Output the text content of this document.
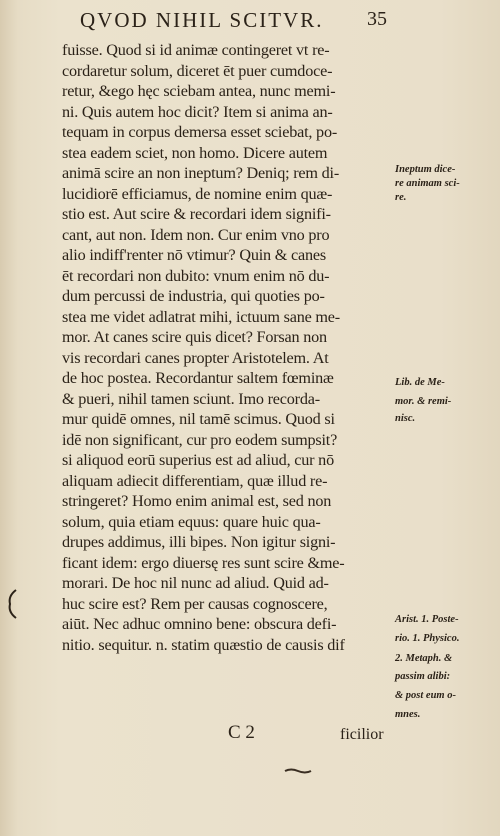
QVOD NIHIL SCITVR. 35
fuisse. Quod si id animæ contingeret vt re-
cordaretur solum, diceret ēt puer cumdoce-
retur, &ego hęc sciebam antea, nunc memi-
ni. Quis autem hoc dicit? Item si anima an-
tequam in corpus demersa esset sciebat, po-
stea eadem sciet, non homo. Dicere autem
animā scire an non ineptum? Deniq; rem di-
lucidiorē efficiamus, de nomine enim quæ-
stio est. Aut scire & recordari idem signifi-
cant, aut non. Idem non. Cur enim vno pro
alio indiff'renter nō vtimur? Quin & canes
ēt recordari non dubito: vnum enim nō du-
dum percussi de industria, qui quoties po-
stea me videt adlatrat mihi, ictuum sane me-
mor. At canes scire quis dicet? Forsan non
vis recordari canes propter Aristotelem. At
de hoc postea. Recordantur saltem fœminæ
& pueri, nihil tamen sciunt. Imo recorda-
mur quidē omnes, nil tamē scimus. Quod si
idē non significant, cur pro eodem sumpsit?
si aliquod eorū superius est ad aliud, cur nō
aliquam adiecit differentiam, quæ illud re-
stringeret? Homo enim animal est, sed non
solum, quia etiam equus: quare huic qua-
drupes addimus, illi bipes. Non igitur signi-
ficant idem: ergo diuersę res sunt scire &me-
morari. De hoc nil nunc ad aliud. Quid ad-
huc scire est? Rem per causas cognoscere,
aiūt. Nec adhuc omnino bene: obscura defi-
nitio. sequitur. n. statim quæstio de causis dif
Ineptum dice-
re animam sci-
re.
Lib. de Me-
mor. & remi-
nisc.
Arist. 1. Poste-
rio. 1. Physico.
2. Metaph. &
passim alibi:
& post eum o-
mnes.
C 2	ficilior
